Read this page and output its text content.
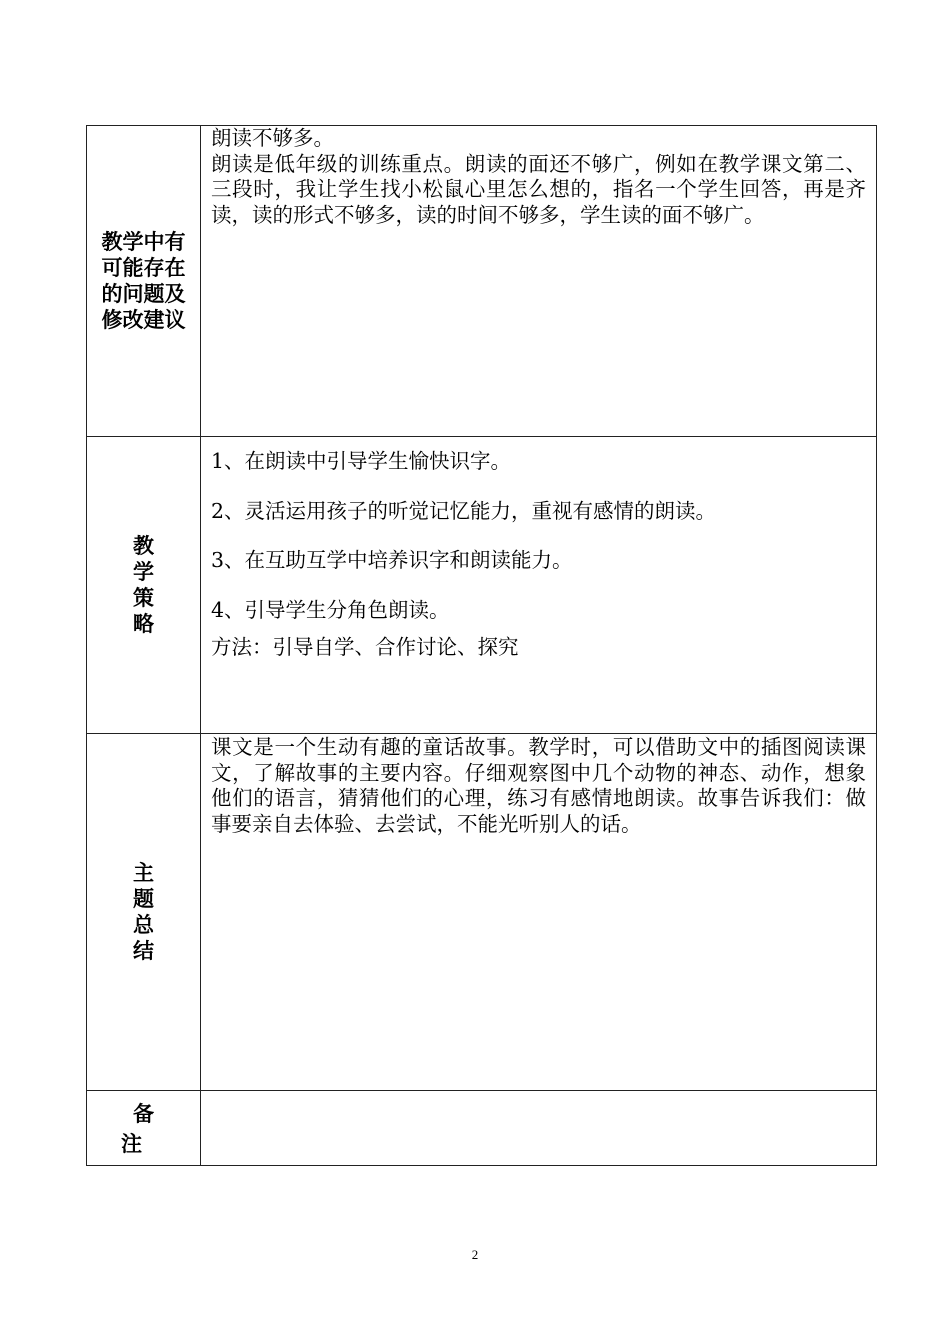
教学中有可能存在的问题及修改建议	朗读不够多。

朗读是低年级的训练重点。朗读的面还不够广，例如在教学课文第二、三段时，我让学生找小松鼠心里怎么想的，指名一个学生回答，再是齐读，读的形式不够多，读的时间不够多，学生读的面不够广。

教学策略	1、在朗读中引导学生愉快识字。

2、灵活运用孩子的听觉记忆能力，重视有感情的朗读。

3、在互助互学中培养识字和朗读能力。

4、引导学生分角色朗读。

方法：引导自学、合作讨论、探究

主题总结	课文是一个生动有趣的童话故事。教学时，可以借助文中的插图阅读课文，了解故事的主要内容。仔细观察图中几个动物的神态、动作，想象他们的语言，猜猜他们的心理，练习有感情地朗读。故事告诉我们：做事要亲自去体验、去尝试，不能光听别人的话。

备注	
2
